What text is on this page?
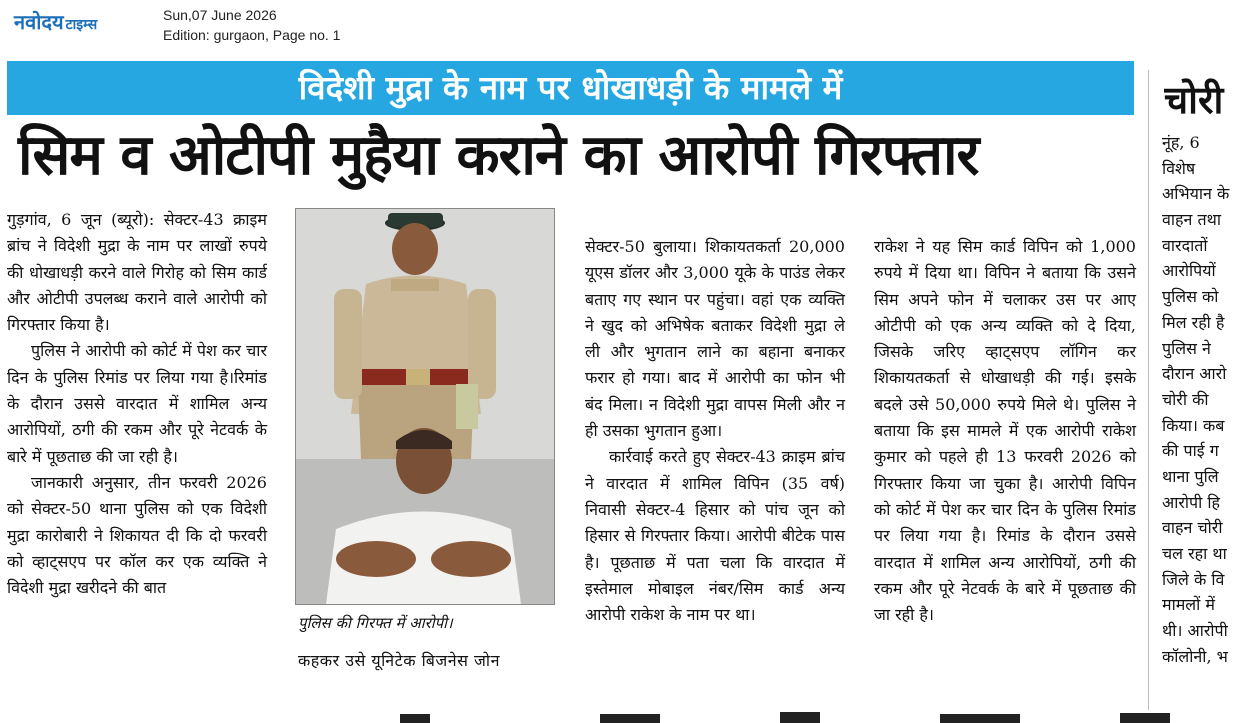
नवोदय टाइम्स
Sun,07 June 2026
Edition: gurgaon, Page no. 1
विदेशी मुद्रा के नाम पर धोखाधड़ी के मामले में
सिम व ओटीपी मुहैया कराने का आरोपी गिरफ्तार

गुड़गांव, 6 जून (ब्यूरो): सेक्टर-43 क्राइम ब्रांच ने विदेशी मुद्रा के नाम पर लाखों रुपये की धोखाधड़ी करने वाले गिरोह को सिम कार्ड और ओटीपी उपलब्ध कराने वाले आरोपी को गिरफ्तार किया है।

पुलिस ने आरोपी को कोर्ट में पेश कर चार दिन के पुलिस रिमांड पर लिया गया है।रिमांड के दौरान उससे वारदात में शामिल अन्य आरोपियों, ठगी की रकम और पूरे नेटवर्क के बारे में पूछताछ की जा रही है।

जानकारी अनुसार, तीन फरवरी 2026 को सेक्टर-50 थाना पुलिस को एक विदेशी मुद्रा कारोबारी ने शिकायत दी कि दो फरवरी को व्हाट्सएप पर कॉल कर एक व्यक्ति ने विदेशी मुद्रा खरीदने की बात

पुलिस की गिरफ्त में आरोपी।
कहकर उसे यूनिटेक बिजनेस जोन

सेक्टर-50 बुलाया। शिकायतकर्ता 20,000 यूएस डॉलर और 3,000 यूके के पाउंड लेकर बताए गए स्थान पर पहुंचा। वहां एक व्यक्ति ने खुद को अभिषेक बताकर विदेशी मुद्रा ले ली और भुगतान लाने का बहाना बनाकर फरार हो गया। बाद में आरोपी का फोन भी बंद मिला। न विदेशी मुद्रा वापस मिली और न ही उसका भुगतान हुआ।

कार्रवाई करते हुए सेक्टर-43 क्राइम ब्रांच ने वारदात में शामिल विपिन (35 वर्ष) निवासी सेक्टर-4 हिसार को पांच जून को हिसार से गिरफ्तार किया। आरोपी बीटेक पास है। पूछताछ में पता चला कि वारदात में इस्तेमाल मोबाइल नंबर/सिम कार्ड अन्य आरोपी राकेश के नाम पर था।

राकेश ने यह सिम कार्ड विपिन को 1,000 रुपये में दिया था। विपिन ने बताया कि उसने सिम अपने फोन में चलाकर उस पर आए ओटीपी को एक अन्य व्यक्ति को दे दिया, जिसके जरिए व्हाट्सएप लॉगिन कर शिकायतकर्ता से धोखाधड़ी की गई। इसके बदले उसे 50,000 रुपये मिले थे। पुलिस ने बताया कि इस मामले में एक आरोपी राकेश कुमार को पहले ही 13 फरवरी 2026 को गिरफ्तार किया जा चुका है। आरोपी विपिन को कोर्ट में पेश कर चार दिन के पुलिस रिमांड पर लिया गया है। रिमांड के दौरान उससे वारदात में शामिल अन्य आरोपियों, ठगी की रकम और पूरे नेटवर्क के बारे में पूछताछ की जा रही है।

चोरी
नूंह, 6
विशेष
अभियान के
वाहन तथा
वारदातों
आरोपियों
पुलिस को
मिल रही है
पुलिस ने
दौरान आरो
चोरी की
किया। कब
की पाई ग
थाना पुलि
आरोपी हि
वाहन चोरी
चल रहा था
जिले के वि
मामलों में
थी। आरोपी
कॉलोनी, भ
